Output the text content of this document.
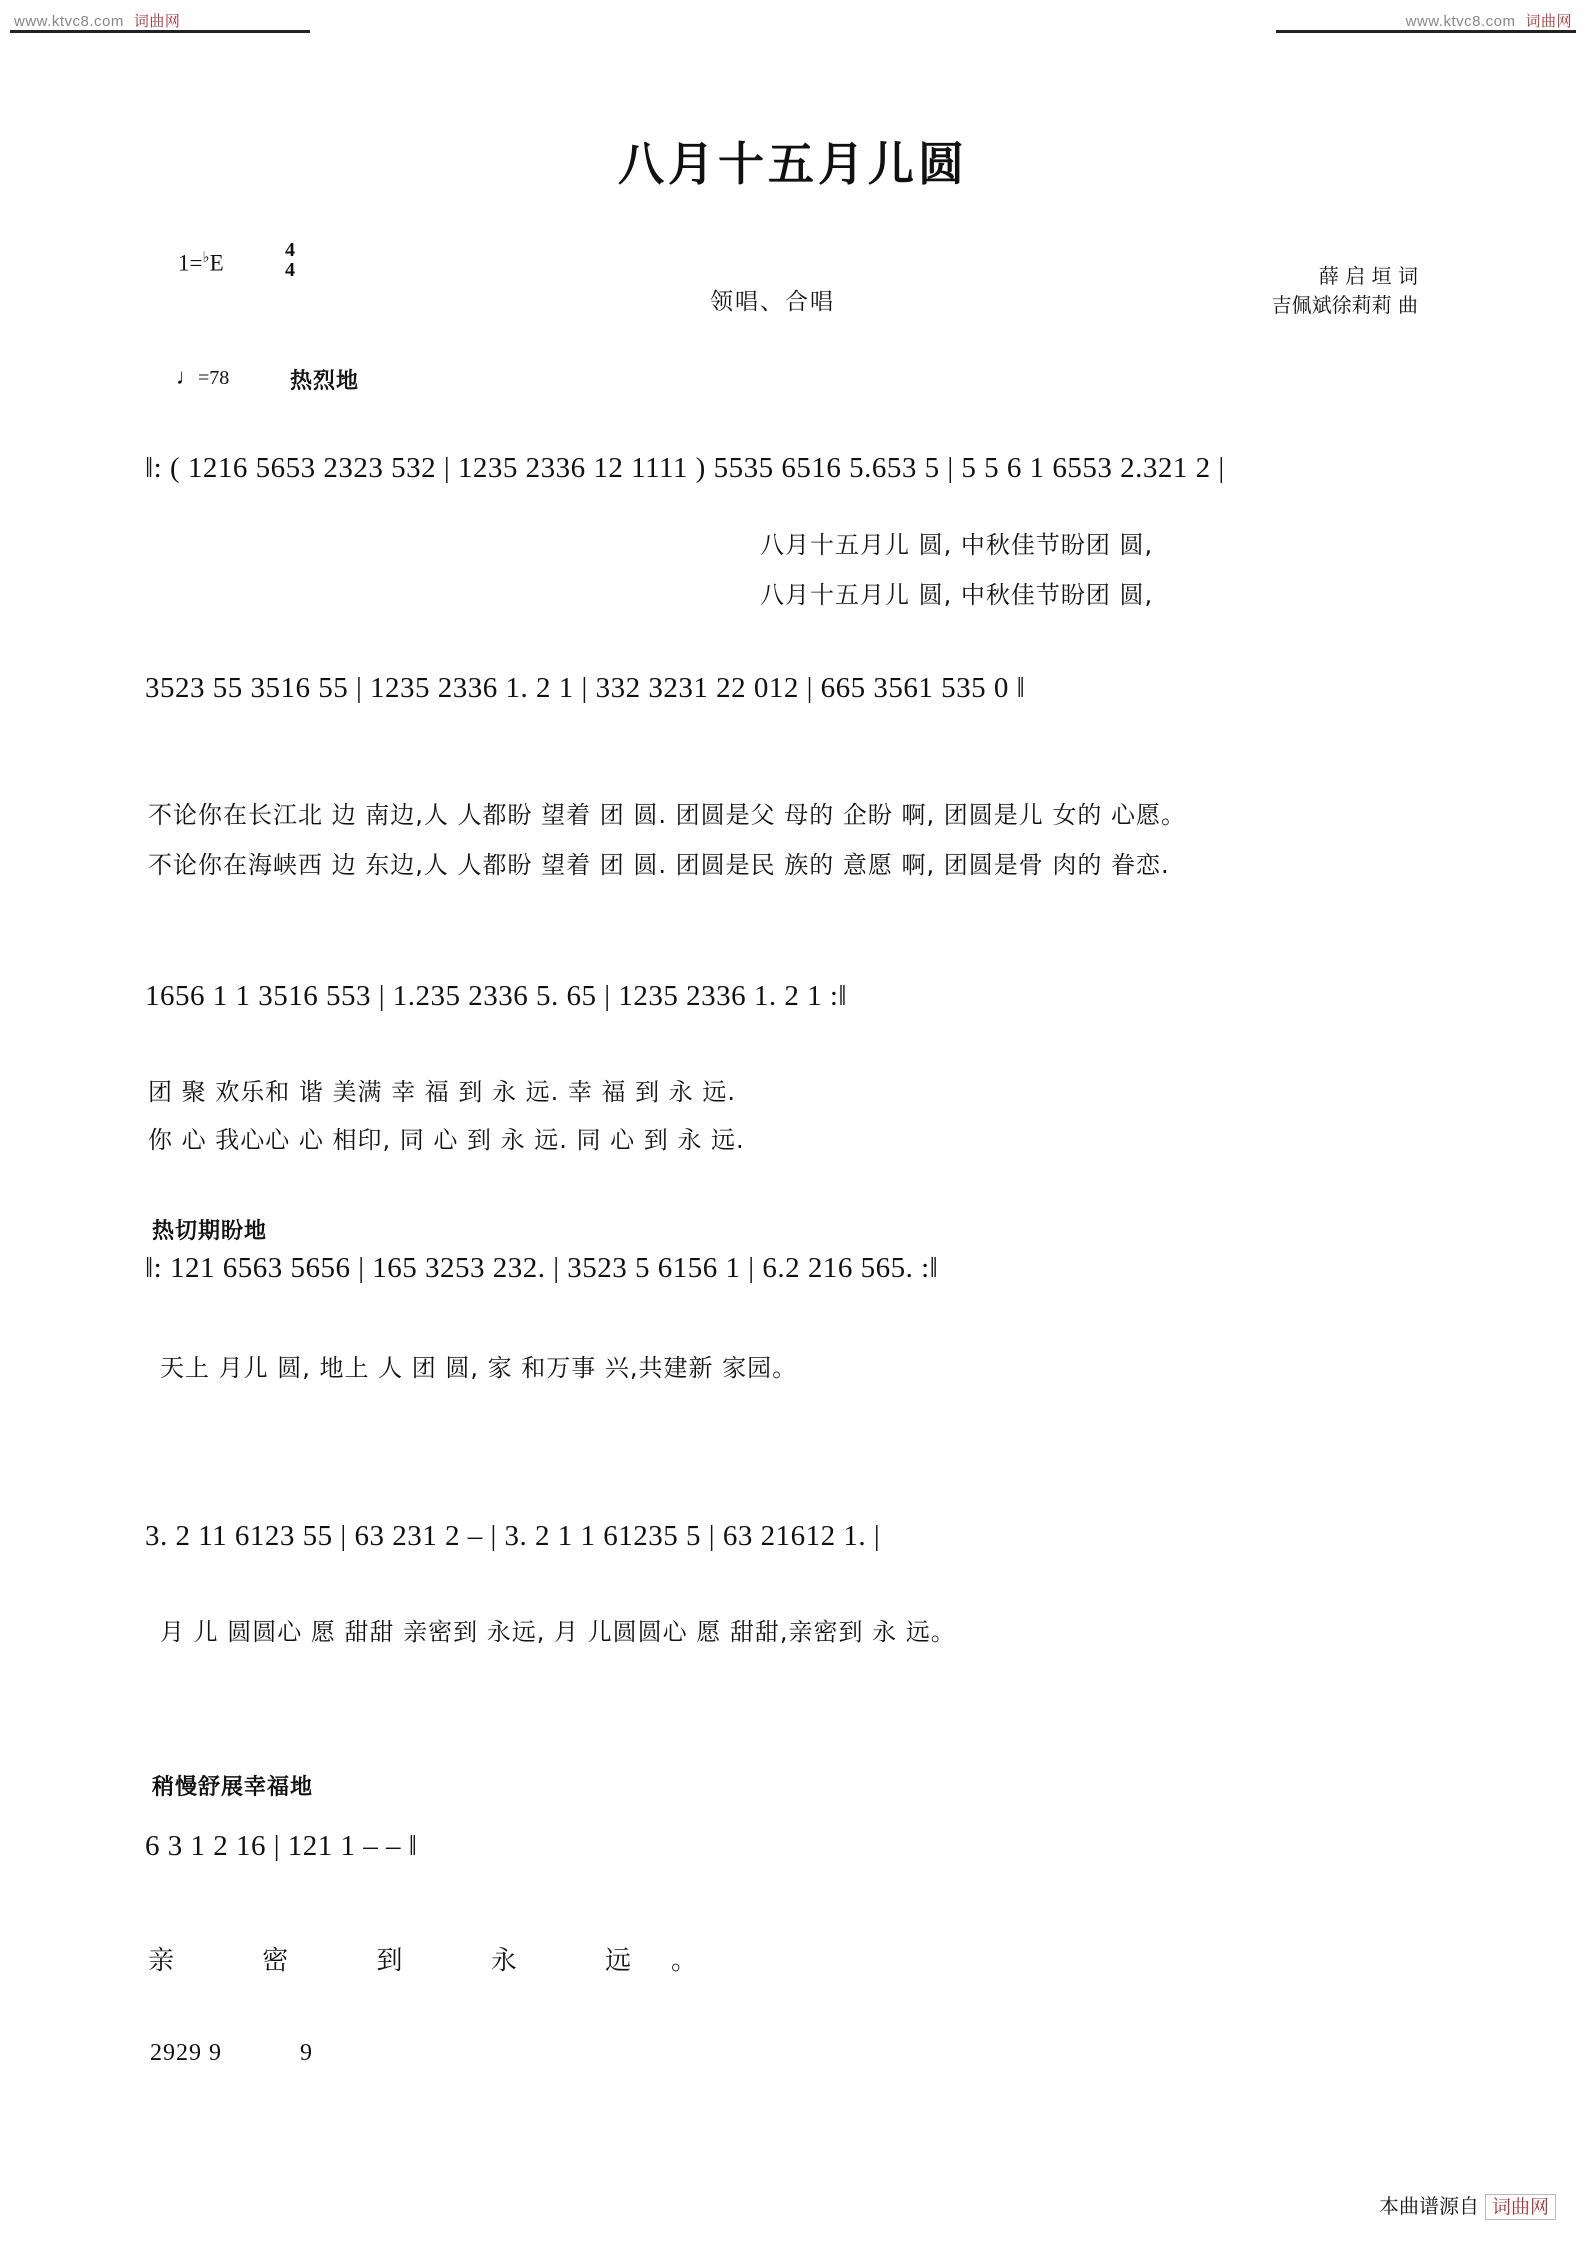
www.ktvc8.com 词曲网	www.ktvc8.com 词曲网
八月十五月儿圆
1=♭E
4
4
领唱、合唱
薛 启 垣 词
吉佩斌徐莉莉 曲
♩=78	热烈地
热切期盼地
稍慢舒展幸福地
‖: ( 1216 5653 2323 532 | 1235 2336 12 1111 ) 5535 6516 5.653 5 | 5 5 6 1 6553 2.321 2 |
3523 55 3516 55 | 1235 2336 1. 2 1 | 332 3231 22 012 | 665 3561 535 0 ‖
1656 1 1 3516 553 | 1.235 2336 5. 65 | 1235 2336 1. 2 1 :‖
‖: 121 6563 5656 | 165 3253 232. | 3523 5 6156 1 | 6.2 216 565. :‖
3. 2 11 6123 55 | 63 231 2 – | 3. 2 1 1 61235 5 | 63 21612 1. |
6 3 1 2 16 | 121 1 – – ‖
八月十五月儿 圆, 中秋佳节盼团 圆,
八月十五月儿 圆, 中秋佳节盼团 圆,
不论你在长江北 边 南边,人 人都盼 望着 团 圆. 团圆是父 母的 企盼 啊, 团圆是儿 女的 心愿。
不论你在海峡西 边 东边,人 人都盼 望着 团 圆. 团圆是民 族的 意愿 啊, 团圆是骨 肉的 眷恋.
团 聚 欢乐和 谐 美满 幸 福 到 永 远. 幸 福 到 永 远.
你 心 我心心 心 相印, 同 心 到 永 远. 同 心 到 永 远.
天上 月儿 圆, 地上 人 团 圆, 家 和万事 兴,共建新 家园。
月 儿 圆圆心 愿 甜甜 亲密到 永远, 月 儿圆圆心 愿 甜甜,亲密到 永 远。
亲 密 到 永 远。
2929 9	9
本曲谱源自 词曲网
